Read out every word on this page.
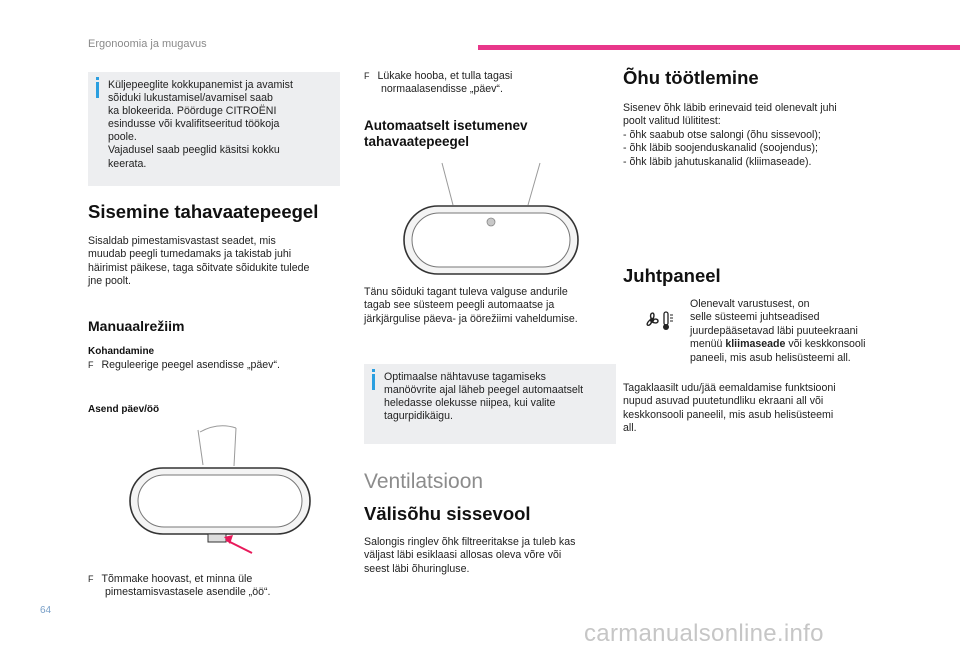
Ergonoomia ja mugavus
Küljepeeglite kokkupanemist ja avamist
sõiduki lukustamisel/avamisel saab
ka blokeerida. Pöörduge CITROËNI
esindusse või kvalifitseeritud töökoja
poole.
Vajadusel saab peeglid käsitsi kokku
keerata.
Sisemine tahavaatepeegel
Sisaldab pimestamisvastast seadet, mis
muudab peegli tumedamaks ja takistab juhi
häirimist päikese, taga sõitvate sõidukite tulede
jne poolt.
Manuaalrežiim
Kohandamine
F Reguleerige peegel asendisse „päev“.
Asend päev/öö
F Tõmmake hoovast, et minna üle
pimestamisvastasele asendile „öö“.
F Lükake hooba, et tulla tagasi
normaalasendisse „päev“.
Automaatselt isetumenev
tahavaatepeegel
Tänu sõiduki tagant tuleva valguse andurile
tagab see süsteem peegli automaatse ja
järkjärgulise päeva- ja öörežiimi vaheldumise.
Optimaalse nähtavuse tagamiseks
manöövrite ajal läheb peegel automaatselt
heledasse olekusse niipea, kui valite
tagurpidikäigu.
Ventilatsioon
Välisõhu sissevool
Salongis ringlev õhk filtreeritakse ja tuleb kas
väljast läbi esiklaasi allosas oleva võre või
seest läbi õhuringluse.
Õhu töötlemine
Sisenev õhk läbib erinevaid teid olenevalt juhi
poolt valitud lülititest:
- õhk saabub otse salongi (õhu sissevool);
- õhk läbib soojenduskanalid (soojendus);
- õhk läbib jahutuskanalid (kliimaseade).
Juhtpaneel
Olenevalt varustusest, on
selle süsteemi juhtseadised
juurdepääsetavad läbi puuteekraani
menüü kliimaseade või keskkonsooli
paneeli, mis asub helisüsteemi all.
Tagaklaasilt udu/jää eemaldamise funktsiooni
nupud asuvad puutetundliku ekraani all või
keskkonsooli paneelil, mis asub helisüsteemi
all.
64
carmanualsonline.info
